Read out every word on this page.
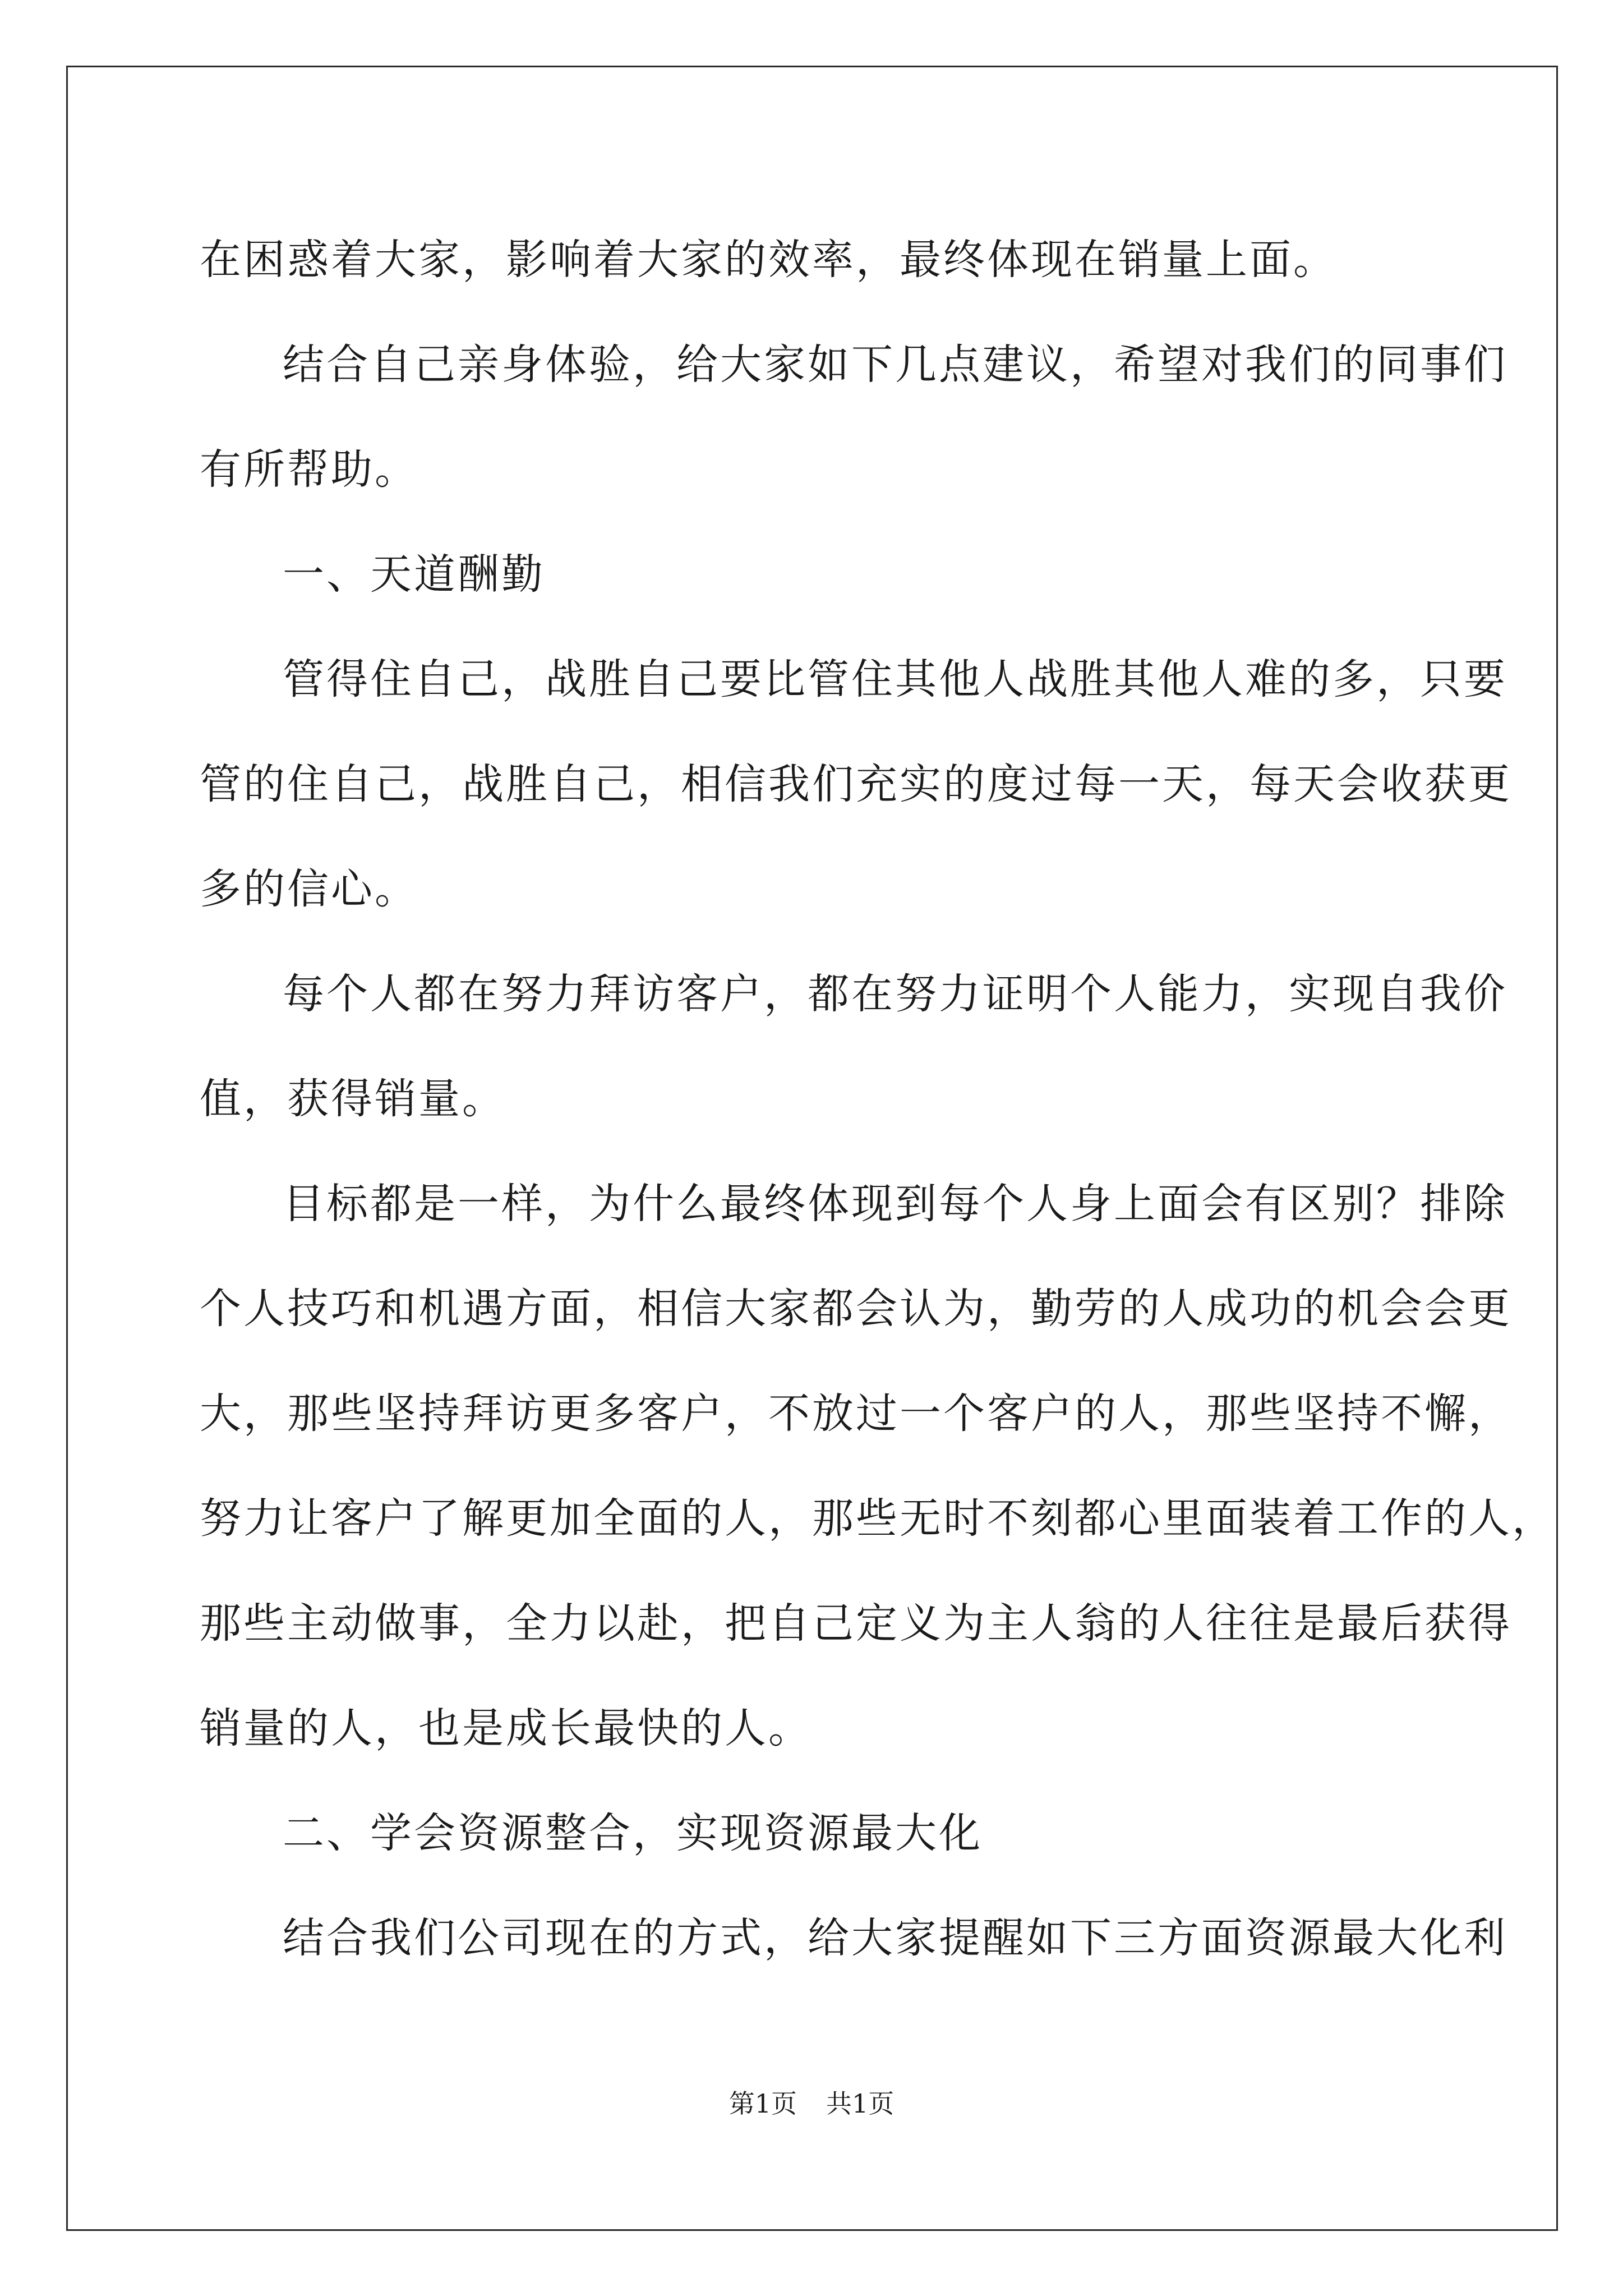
在困惑着大家，影响着大家的效率，最终体现在销量上面。
结合自己亲身体验，给大家如下几点建议，希望对我们的同事们
有所帮助。
一、天道酬勤
管得住自己，战胜自己要比管住其他人战胜其他人难的多，只要
管的住自己，战胜自己，相信我们充实的度过每一天，每天会收获更
多的信心。
每个人都在努力拜访客户，都在努力证明个人能力，实现自我价
值，获得销量。
目标都是一样，为什么最终体现到每个人身上面会有区别？排除
个人技巧和机遇方面，相信大家都会认为，勤劳的人成功的机会会更
大，那些坚持拜访更多客户，不放过一个客户的人，那些坚持不懈，
努力让客户了解更加全面的人，那些无时不刻都心里面装着工作的人，
那些主动做事，全力以赴，把自己定义为主人翁的人往往是最后获得
销量的人，也是成长最快的人。
二、学会资源整合，实现资源最大化
结合我们公司现在的方式，给大家提醒如下三方面资源最大化利
第1页 共1页
